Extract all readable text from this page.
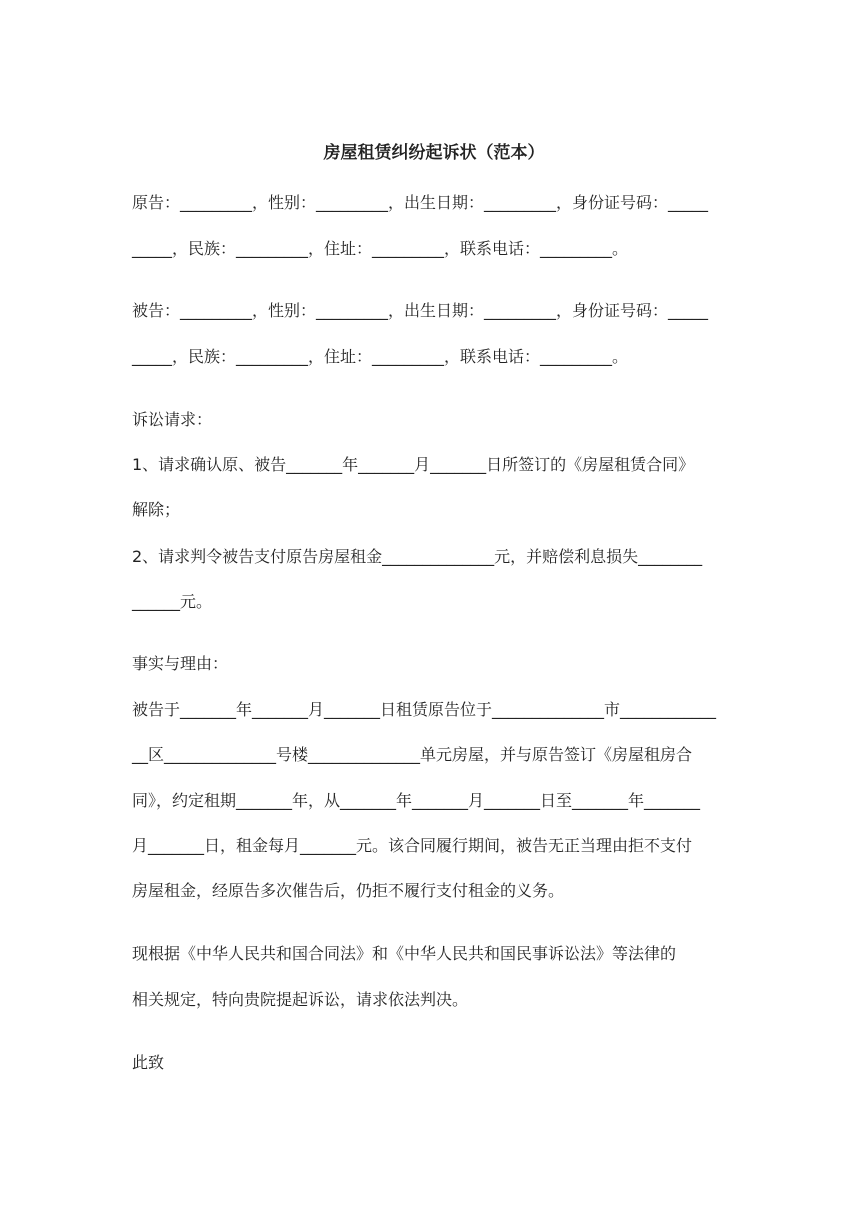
房屋租赁纠纷起诉状（范本）

原告：_________，性别：_________，出生日期：_________，身份证号码：_____

_____，民族：_________，住址：_________，联系电话：_________。

被告：_________，性别：_________，出生日期：_________，身份证号码：_____

_____，民族：_________，住址：_________，联系电话：_________。

诉讼请求：

1、请求确认原、被告_______年_______月_______日所签订的《房屋租赁合同》

解除；

2、请求判令被告支付原告房屋租金______________元，并赔偿利息损失________

______元。

事实与理由：

被告于_______年_______月_______日租赁原告位于______________市____________

__区______________号楼______________单元房屋，并与原告签订《房屋租房合

同》，约定租期_______年，从_______年_______月_______日至_______年_______

月_______日，租金每月_______元。该合同履行期间，被告无正当理由拒不支付

房屋租金，经原告多次催告后，仍拒不履行支付租金的义务。

现根据《中华人民共和国合同法》和《中华人民共和国民事诉讼法》等法律的

相关规定，特向贵院提起诉讼，请求依法判决。

此致
